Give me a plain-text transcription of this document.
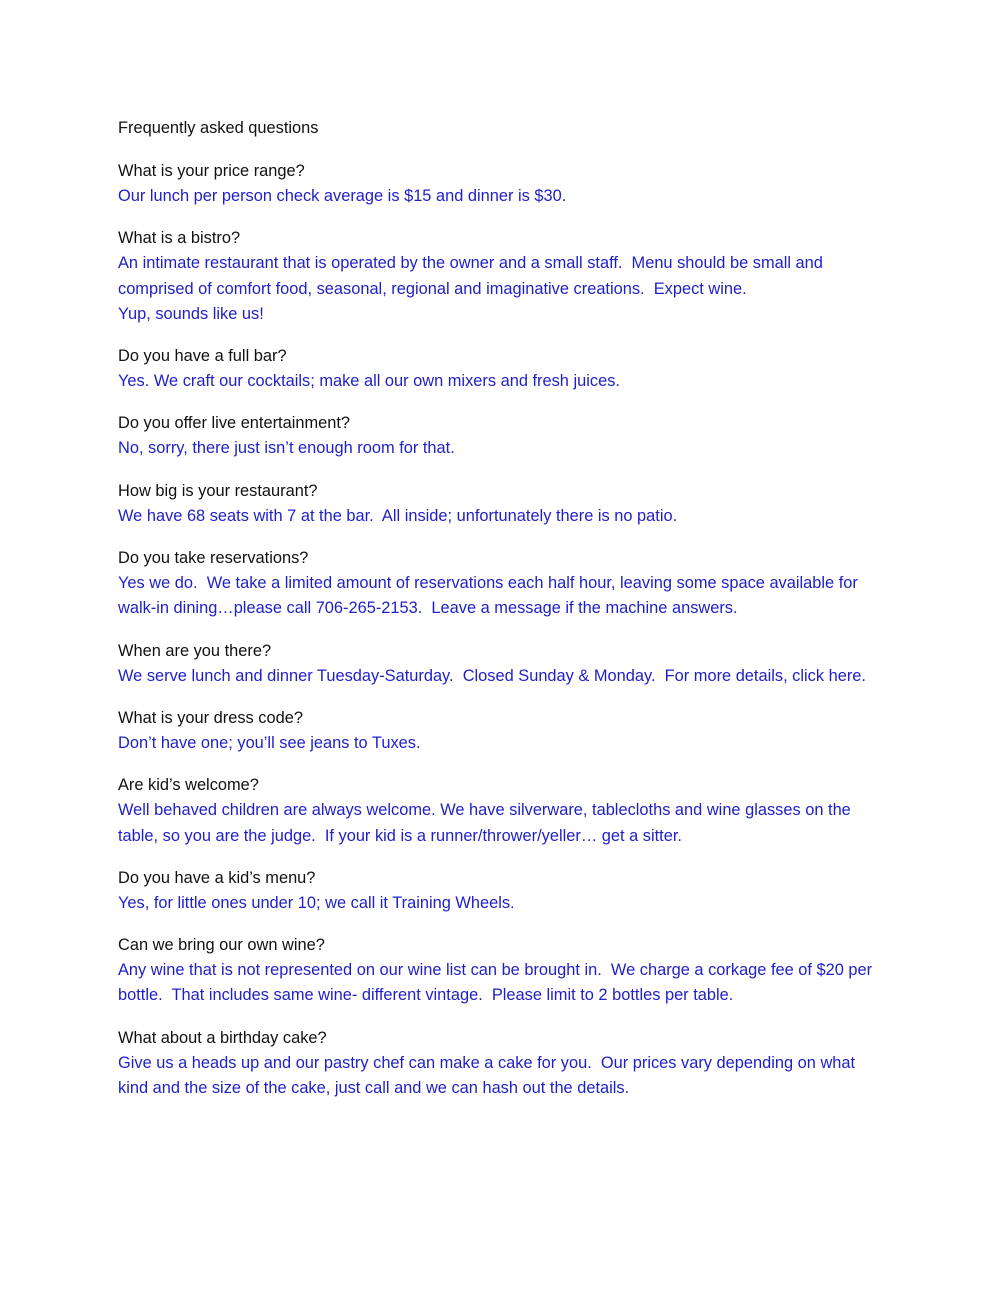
Frequently asked questions

What is your price range?

Our lunch per person check average is $15 and dinner is $30.

What is a bistro?

An intimate restaurant that is operated by the owner and a small staff.  Menu should be small and
comprised of comfort food, seasonal, regional and imaginative creations.  Expect wine.
Yup, sounds like us!

Do you have a full bar?

Yes. We craft our cocktails; make all our own mixers and fresh juices.

Do you offer live entertainment?

No, sorry, there just isn’t enough room for that.

How big is your restaurant?

We have 68 seats with 7 at the bar.  All inside; unfortunately there is no patio.

Do you take reservations?

Yes we do.  We take a limited amount of reservations each half hour, leaving some space available for
walk-in dining…please call 706-265-2153.  Leave a message if the machine answers.

When are you there?

We serve lunch and dinner Tuesday-Saturday.  Closed Sunday & Monday.  For more details, click here.

What is your dress code?

Don’t have one; you’ll see jeans to Tuxes.

Are kid’s welcome?

Well behaved children are always welcome. We have silverware, tablecloths and wine glasses on the
table, so you are the judge.  If your kid is a runner/thrower/yeller… get a sitter.

Do you have a kid’s menu?

Yes, for little ones under 10; we call it Training Wheels.

Can we bring our own wine?

Any wine that is not represented on our wine list can be brought in.  We charge a corkage fee of $20 per
bottle.  That includes same wine- different vintage.  Please limit to 2 bottles per table.

What about a birthday cake?

Give us a heads up and our pastry chef can make a cake for you.  Our prices vary depending on what
kind and the size of the cake, just call and we can hash out the details.
